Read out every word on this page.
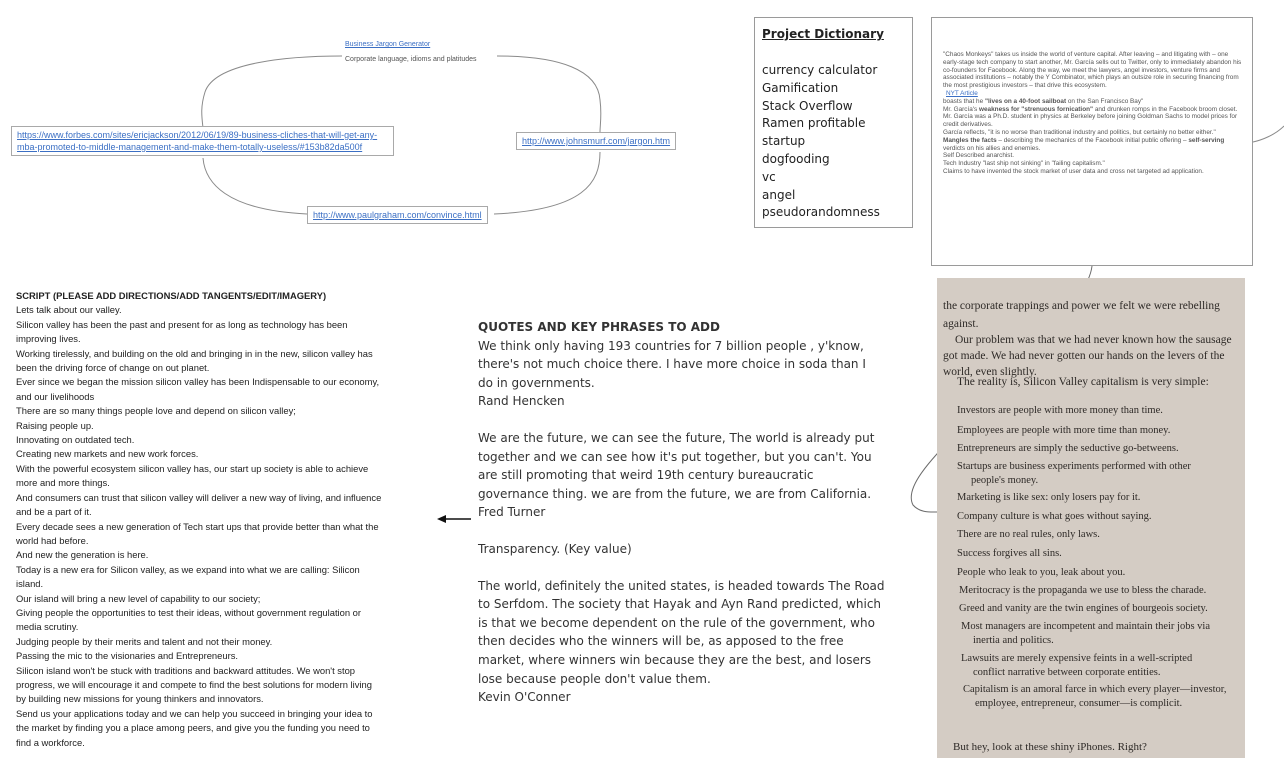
Business Jargon Generator
Corporate language, idioms and platitudes
https://www.forbes.com/sites/ericjackson/2012/06/19/89-business-cliches-that-will-get-any-mba-promoted-to-middle-management-and-make-them-totally-useless/#153b82da500f
http://www.johnsmurf.com/jargon.htm
http://www.paulgraham.com/convince.html
Project Dictionary
currency calculator
Gamification
Stack Overflow
Ramen profitable
startup
dogfooding
vc
angel
pseudorandomness
"Chaos Monkeys" takes us inside the world of venture capital. After leaving – and litigating with – one early-stage tech company to start another, Mr. García sells out to Twitter, only to immediately abandon his co-founders for Facebook. Along the way, we meet the lawyers, angel investors, venture firms and associated institutions – notably the Y Combinator, which plays an outsize role in securing financing from the most prestigious investors – that drive this ecosystem.
NYT Article
boasts that he "lives on a 40-foot sailboat on the San Francisco Bay"
Mr. García's weakness for "strenuous fornication" and drunken romps in the Facebook broom closet.
Mr. García was a Ph.D. student in physics at Berkeley before joining Goldman Sachs to model prices for credit derivatives.
García reflects, "it is no worse than traditional industry and politics, but certainly no better either."
Mangles the facts – describing the mechanics of the Facebook initial public offering – self-serving verdicts on his allies and enemies.
Self Described anarchist.
Tech Industry "last ship not sinking" in "failing capitalism."
Claims to have invented the stock market of user data and cross net targeted ad application.
SCRIPT (PLEASE ADD DIRECTIONS/ADD TANGENTS/EDIT/IMAGERY)
Lets talk about our valley.
Silicon valley has been the past and present for as long as technology has been
improving lives.
Working tirelessly, and building on the old and bringing in in the new, silicon valley has
been the driving force of change on out planet.
Ever since we began the mission silicon valley has been Indispensable to our economy,
and our livelihoods
There are so many things people love and depend on silicon valley;
Raising people up.
Innovating on outdated tech.
Creating new markets and new work forces.
With the powerful ecosystem silicon valley has, our start up society is able to achieve
more and more things.
And consumers can trust that silicon valley will deliver a new way of living, and influence
and be a part of it.
Every decade sees a new generation of Tech start ups that provide better than what the
world had before.
And new the generation is here.
Today is a new era for Silicon valley, as we expand into what we are calling: Silicon
island.
Our island will bring a new level of capability to our society;
Giving people the opportunities to test their ideas, without government regulation or
media scrutiny.
Judging people by their merits and talent and not their money.
Passing the mic to the visionaries and Entrepreneurs.
Silicon island won't be stuck with traditions and backward attitudes. We won't stop
progress, we will encourage it and compete to find the best solutions for modern living
by building new missions for young thinkers and innovators.
Send us your applications today and we can help you succeed in bringing your idea to
the market by finding you a place among peers, and give you the funding you need to
find a workforce.
QUOTES AND KEY PHRASES TO ADD
We think only having 193 countries for 7 billion people , y'know,
there's not much choice there. I have more choice in soda than I
do in governments.
Rand Hencken
We are the future, we can see the future, The world is already put
together and we can see how it's put together, but you can't. You
are still promoting that weird 19th century bureaucratic
governance thing. we are from the future, we are from California.
Fred Turner
Transparency. (Key value)
The world, definitely the united states, is headed towards The Road
to Serfdom. The society that Hayak and Ayn Rand predicted, which
is that we become dependent on the rule of the government, who
then decides who the winners will be, as apposed to the free
market, where winners win because they are the best, and losers
lose because people don't value them.
Kevin O'Conner
the corporate trappings and power we felt we were rebelling
against.
Our problem was that we had never known how the sausage
got made. We had never gotten our hands on the levers of the
world, even slightly.
The reality is, Silicon Valley capitalism is very simple:
Investors are people with more money than time.
Employees are people with more time than money.
Entrepreneurs are simply the seductive go-betweens.
Startups are business experiments performed with other
people's money.
Marketing is like sex: only losers pay for it.
Company culture is what goes without saying.
There are no real rules, only laws.
Success forgives all sins.
People who leak to you, leak about you.
Meritocracy is the propaganda we use to bless the charade.
Greed and vanity are the twin engines of bourgeois society.
Most managers are incompetent and maintain their jobs via
inertia and politics.
Lawsuits are merely expensive feints in a well-scripted
conflict narrative between corporate entities.
Capitalism is an amoral farce in which every player—investor,
employee, entrepreneur, consumer—is complicit.
But hey, look at these shiny iPhones. Right?
